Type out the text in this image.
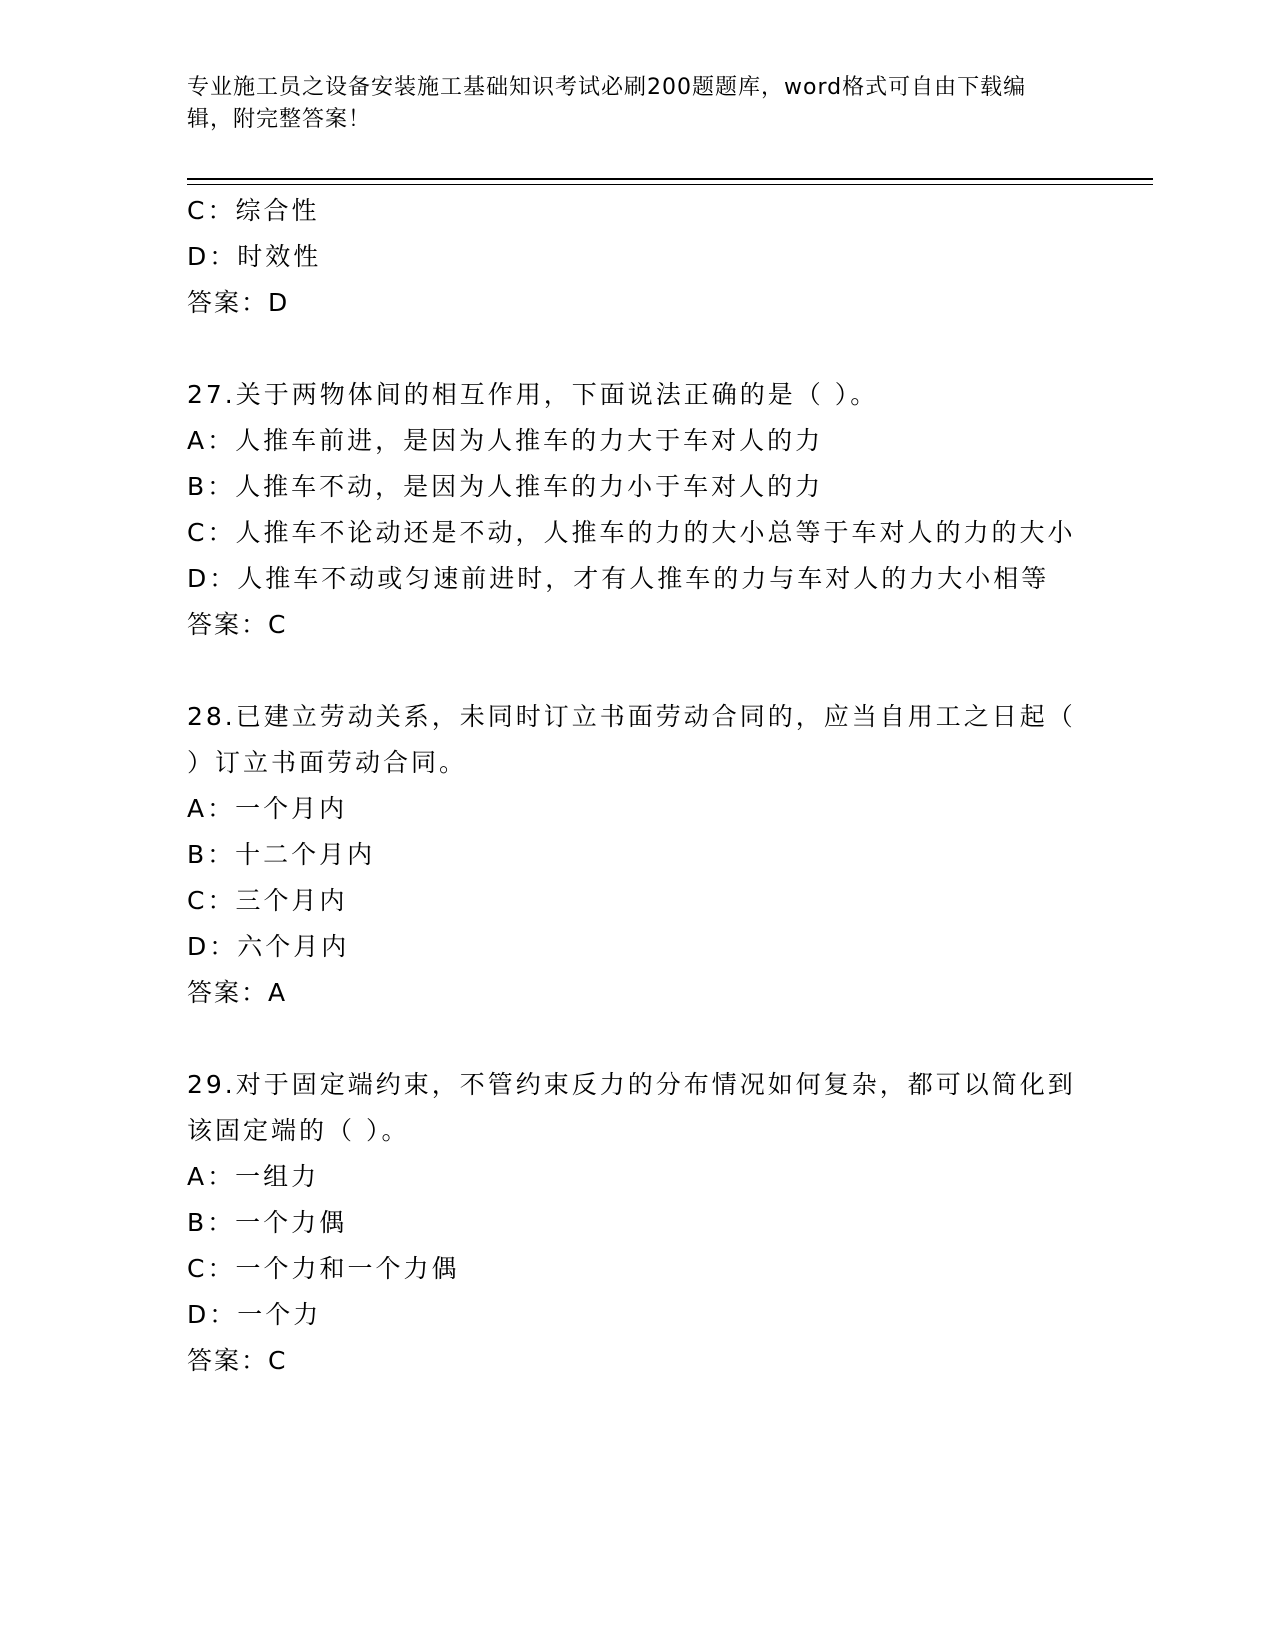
专业施工员之设备安装施工基础知识考试必刷200题题库，word格式可自由下载编辑，附完整答案！
C：综合性
D：时效性
答案：D
27.关于两物体间的相互作用，下面说法正确的是（ ）。
A：人推车前进，是因为人推车的力大于车对人的力
B：人推车不动，是因为人推车的力小于车对人的力
C：人推车不论动还是不动，人推车的力的大小总等于车对人的力的大小
D：人推车不动或匀速前进时，才有人推车的力与车对人的力大小相等
答案：C
28.已建立劳动关系，未同时订立书面劳动合同的，应当自用工之日起（ ）订立书面劳动合同。
A：一个月内
B：十二个月内
C：三个月内
D：六个月内
答案：A
29.对于固定端约束，不管约束反力的分布情况如何复杂，都可以简化到该固定端的（ ）。
A：一组力
B：一个力偶
C：一个力和一个力偶
D：一个力
答案：C
